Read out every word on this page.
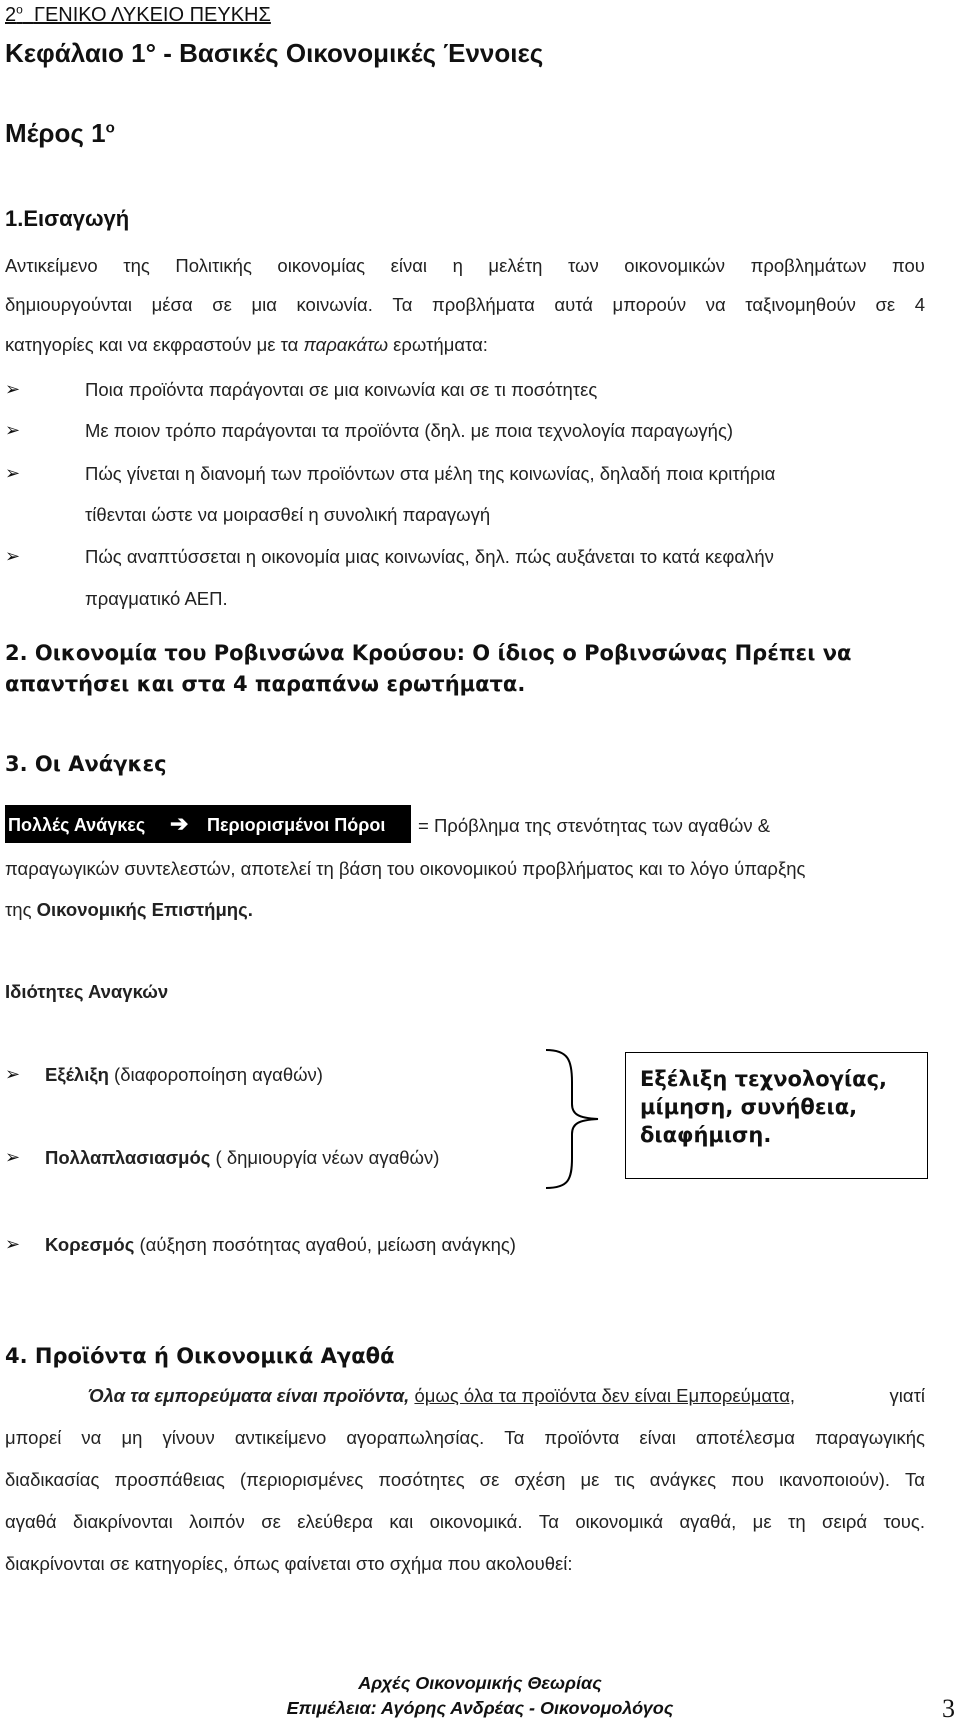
$2^o$ ΓΕΝΙΚΟ ΛΥΚΕΙΟ ΠΕΥΚΗΣ
Κεφάλαιο 1° - Βασικές Οικονομικές Έννοιες
Μέρος $1^o$
1.Εισαγωγή
Αντικείμενο της Πολιτικής οικονομίας είναι η μελέτη των οικονομικών προβλημάτων που
δημιουργούνται μέσα σε μια κοινωνία. Τα προβλήματα αυτά μπορούν να ταξινομηθούν σε 4
κατηγορίες και να εκφραστούν με τα παρακάτω ερωτήματα:
➢	Ποια προϊόντα παράγονται σε μια κοινωνία και σε τι ποσότητες
➢	Με ποιον τρόπο παράγονται τα προϊόντα (δηλ. με ποια τεχνολογία παραγωγής)
➢	Πώς γίνεται η διανομή των προϊόντων στα μέλη της κοινωνίας, δηλαδή ποια κριτήρια
τίθενται ώστε να μοιρασθεί η συνολική παραγωγή
➢	Πώς αναπτύσσεται η οικονομία μιας κοινωνίας, δηλ. πώς αυξάνεται το κατά κεφαλήν
πραγματικό ΑΕΠ.
2. Οικονομία του Ροβινσώνα Κρούσου: Ο ίδιος ο Ροβινσώνας Πρέπει να
απαντήσει και στα 4 παραπάνω ερωτήματα.
3. Οι Ανάγκες
Πολλές Ανάγκες ➔ Περιορισμένοι Πόροι	= Πρόβλημα της στενότητας των αγαθών &
παραγωγικών συντελεστών, αποτελεί τη βάση του οικονομικού προβλήματος και το λόγο ύπαρξης
της Οικονομικής Επιστήμης.
Ιδιότητες Αναγκών
➢ Εξέλιξη (διαφοροποίηση αγαθών)
➢ Πολλαπλασιασμός ( δημιουργία νέων αγαθών)
➢ Κορεσμός (αύξηση ποσότητας αγαθού, μείωση ανάγκης)
Εξέλιξη τεχνολογίας, μίμηση, συνήθεια, διαφήμιση.
4. Προϊόντα ή Οικονομικά Αγαθά
Όλα τα εμπορεύματα είναι προϊόντα, όμως όλα τα προϊόντα δεν είναι Εμπορεύματα,	γιατί
μπορεί να μη γίνουν αντικείμενο αγοραπωλησίας. Τα προϊόντα είναι αποτέλεσμα παραγωγικής
διαδικασίας προσπάθειας (περιορισμένες ποσότητες σε σχέση με τις ανάγκες που ικανοποιούν). Τα
αγαθά διακρίνονται λοιπόν σε ελεύθερα και οικονομικά. Τα οικονομικά αγαθά, με τη σειρά τους.
διακρίνονται σε κατηγορίες, όπως φαίνεται στο σχήμα που ακολουθεί:
Αρχές Οικονομικής Θεωρίας
Επιμέλεια: Αγόρης Ανδρέας - Οικονομολόγος	3
